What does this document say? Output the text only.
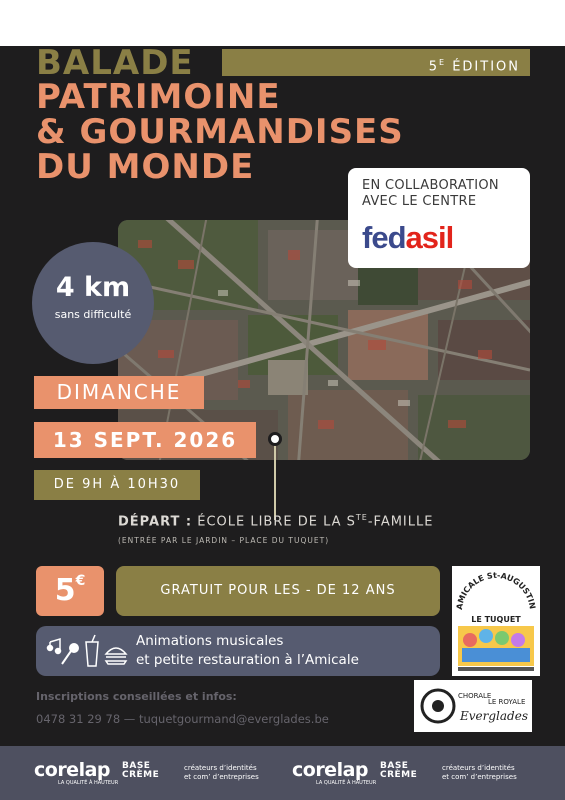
BALADE	$5^E$ ÉDITION
PATRIMOINE
& GOURMANDISES
DU MONDE	EN COLLABORATION
AVEC LE CENTRE
fedasil
4 km
sans difficulté
DIMANCHE
13 SEPT. 2026
DE 9H À 10H30
DÉPART : ÉCOLE LIBRE DE LA $S^{TE}$-FAMILLE
(ENTRÉE PAR LE JARDIN – PLACE DU TUQUET)
5€
GRATUIT POUR LES - DE 12 ANS
AMICALE St-AUGUSTIN
LE TUQUET
Animations musicales
et petite restauration à l’Amicale
Inscriptions conseillées et infos:
0478 31 29 78 — tuquetgourmand@everglades.be
CHORALE
LE ROYALE
Everglades
corelap
LA QUALITÉ À HAUTEUR
BASE
CRÈME
créateurs d’identités
et com’ d’entreprises corelap
LA QUALITÉ À HAUTEUR
BASE
CRÈME
créateurs d’identités
et com’ d’entreprises
